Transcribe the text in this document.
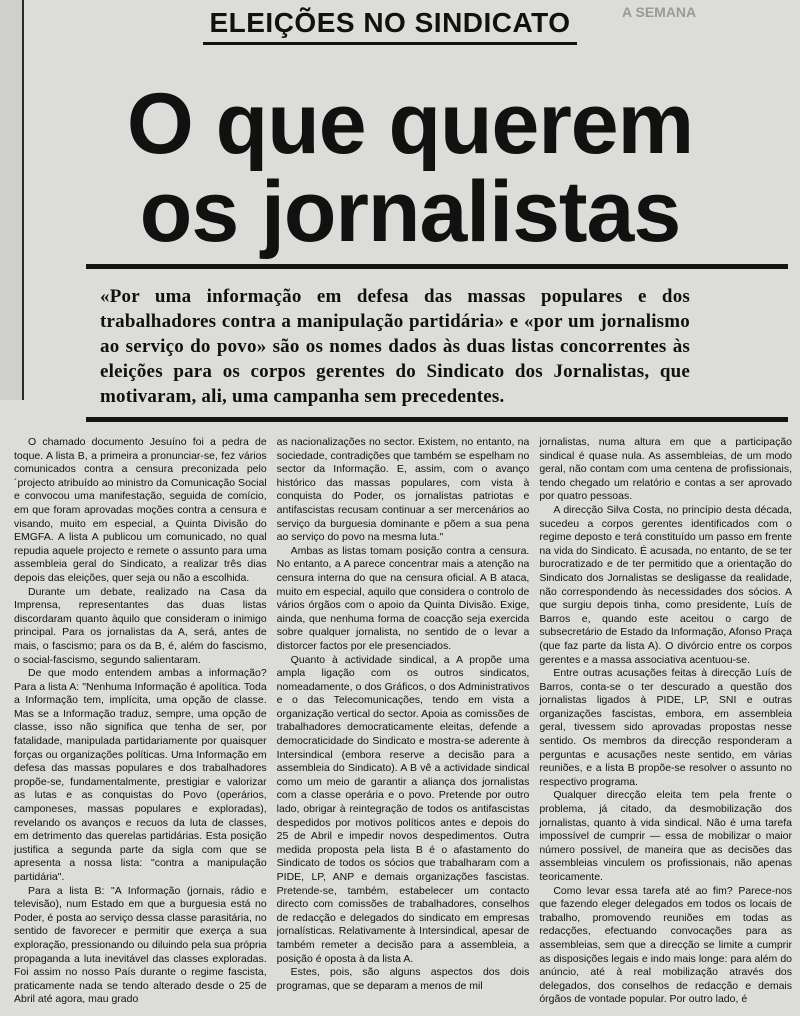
ELEIÇÕES NO SINDICATO	A SEMANA
O que querem
os jornalistas

«Por uma informação em defesa das massas populares e dos trabalhadores contra a manipulação partidária» e «por um jornalismo ao serviço do povo» são os nomes dados às duas listas concorrentes às eleições para os corpos gerentes do Sindicato dos Jornalistas, que motivaram, ali, uma campanha sem precedentes.

O chamado documento Jesuíno foi a pedra de toque. A lista B, a primeira a pronunciar-se, fez vários comunicados contra a censura preconizada pelo ´projecto atribuído ao ministro da Comunicação Social e convocou uma manifestação, seguida de comício, em que foram aprovadas moções contra a censura e visando, muito em especial, a Quinta Divisão do EMGFA. A lista A publicou um comunicado, no qual repudia aquele projecto e remete o assunto para uma assembleia geral do Sindicato, a realizar três dias depois das eleições, quer seja ou não a escolhida.

Durante um debate, realizado na Casa da Imprensa, representantes das duas listas discordaram quanto àquilo que consideram o inimigo principal. Para os jornalistas da A, será, antes de mais, o fascismo; para os da B, é, além do fascismo, o social-fascismo, segundo salientaram.

De que modo entendem ambas a informação? Para a lista A: "Nenhuma Informação é apolítica. Toda a Informação tem, implícita, uma opção de classe. Mas se a Informação traduz, sempre, uma opção de classe, isso não significa que tenha de ser, por fatalidade, manipulada partidariamente por quaisquer forças ou organizações políticas. Uma Informação em defesa das massas populares e dos trabalhadores propõe-se, fundamentalmente, prestigiar e valorizar as lutas e as conquistas do Povo (operários, camponeses, massas populares e exploradas), revelando os avanços e recuos da luta de classes, em detrimento das querelas partidárias. Esta posição justifica a segunda parte da sigla com que se apresenta a nossa lista: "contra a manipulação partidária".

Para a lista B: "A Informação (jornais, rádio e televisão), num Estado em que a burguesia está no Poder, é posta ao serviço dessa classe parasitária, no sentido de favorecer e permitir que exerça a sua exploração, pressionando ou diluindo pela sua própria propaganda a luta inevitável das classes exploradas. Foi assim no nosso País durante o regime fascista, praticamente nada se tendo alterado desde o 25 de Abril até agora, mau grado

as nacionalizações no sector. Existem, no entanto, na sociedade, contradições que também se espelham no sector da Informação. E, assim, com o avanço histórico das massas populares, com vista à conquista do Poder, os jornalistas patriotas e antifascistas recusam continuar a ser mercenários ao serviço da burguesia dominante e põem a sua pena ao serviço do povo na mesma luta."

Ambas as listas tomam posição contra a censura. No entanto, a A parece concentrar mais a atenção na censura interna do que na censura oficial. A B ataca, muito em especial, aquilo que considera o controlo de vários órgãos com o apoio da Quinta Divisão. Exige, ainda, que nenhuma forma de coacção seja exercida sobre qualquer jornalista, no sentido de o levar a distorcer factos por ele presenciados.

Quanto à actividade sindical, a A propõe uma ampla ligação com os outros sindicatos, nomeadamente, o dos Gráficos, o dos Administrativos e o das Telecomunicações, tendo em vista a organização vertical do sector. Apoia as comissões de trabalhadores democraticamente eleitas, defende a democraticidade do Sindicato e mostra-se aderente à Intersindical (embora reserve a decisão para a assembleia do Sindicato). A B vê a actividade sindical como um meio de garantir a aliança dos jornalistas com a classe operária e o povo. Pretende por outro lado, obrigar à reintegração de todos os antifascistas despedidos por motivos políticos antes e depois do 25 de Abril e impedir novos despedimentos. Outra medida proposta pela lista B é o afastamento do Sindicato de todos os sócios que trabalharam com a PIDE, LP, ANP e demais organizações fascistas. Pretende-se, também, estabelecer um contacto directo com comissões de trabalhadores, conselhos de redacção e delegados do sindicato em empresas jornalísticas. Relativamente à Intersindical, apesar de também remeter a decisão para a assembleia, a posição é oposta à da lista A.

Estes, pois, são alguns aspectos dos dois programas, que se deparam a menos de mil

jornalistas, numa altura em que a participação sindical é quase nula. As assembleias, de um modo geral, não contam com uma centena de profissionais, tendo chegado um relatório e contas a ser aprovado por quatro pessoas.

A direcção Silva Costa, no princípio desta década, sucedeu a corpos gerentes identificados com o regime deposto e terá constituído um passo em frente na vida do Sindicato. É acusada, no entanto, de se ter burocratizado e de ter permitido que a orientação do Sindicato dos Jornalistas se desligasse da realidade, não correspondendo às necessidades dos sócios. A que surgiu depois tinha, como presidente, Luís de Barros e, quando este aceitou o cargo de subsecretário de Estado da Informação, Afonso Praça (que faz parte da lista A). O divórcio entre os corpos gerentes e a massa associativa acentuou-se.

Entre outras acusações feitas à direcção Luís de Barros, conta-se o ter descurado a questão dos jornalistas ligados à PIDE, LP, SNI e outras organizações fascistas, embora, em assembleia geral, tivessem sido aprovadas propostas nesse sentido. Os membros da direcção responderam a perguntas e acusações neste sentido, em várias reuniões, e a lista B propõe-se resolver o assunto no respectivo programa.

Qualquer direcção eleita tem pela frente o problema, já citado, da desmobilização dos jornalistas, quanto à vida sindical. Não é uma tarefa impossível de cumprir — essa de mobilizar o maior número possível, de maneira que as decisões das assembleias vinculem os profissionais, não apenas teoricamente.

Como levar essa tarefa até ao fim? Parece-nos que fazendo eleger delegados em todos os locais de trabalho, promovendo reuniões em todas as redacções, efectuando convocações para as assembleias, sem que a direcção se limite a cumprir as disposições legais e indo mais longe: para além do anúncio, até à real mobilização através dos delegados, dos conselhos de redacção e demais órgãos de vontade popular. Por outro lado, é
